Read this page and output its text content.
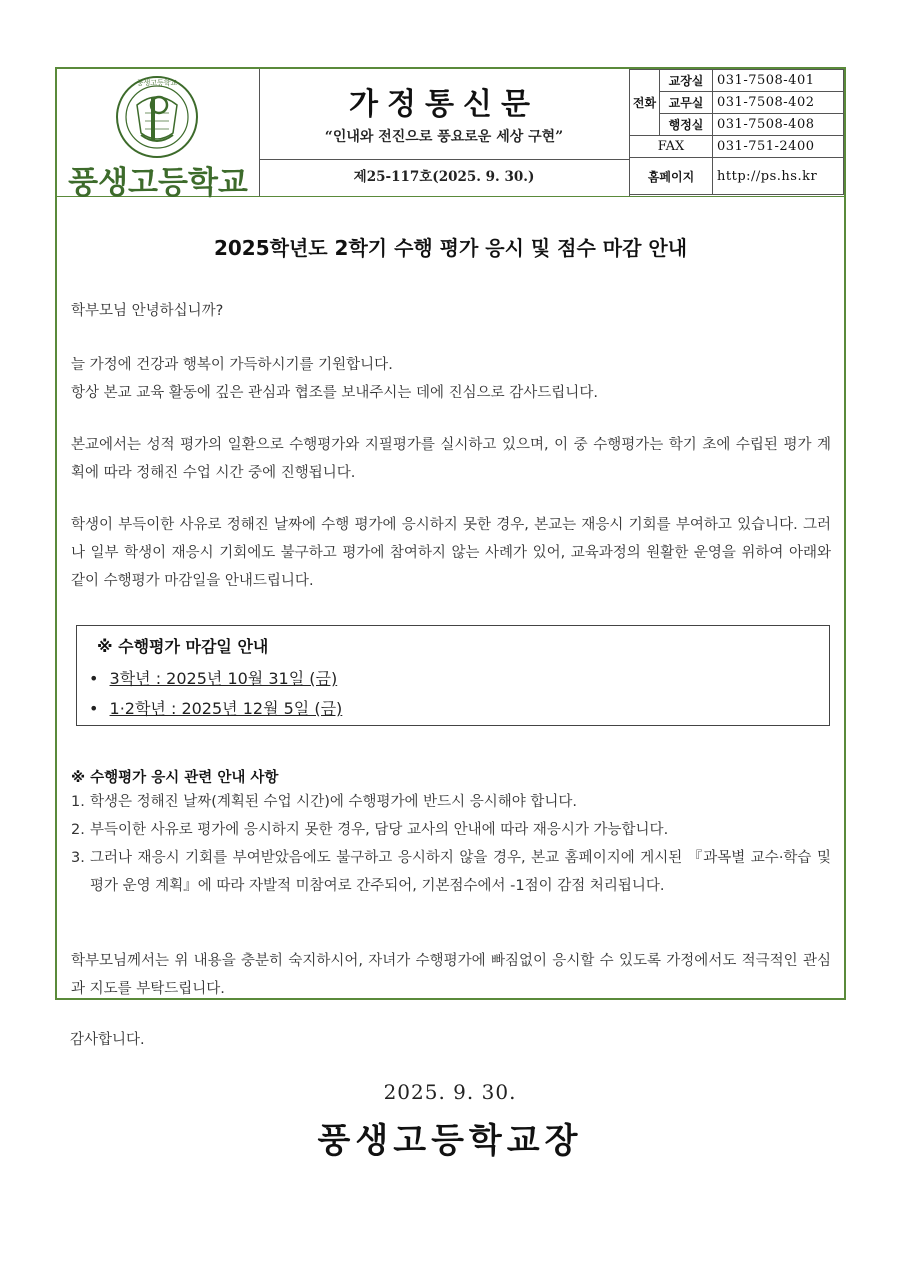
풍생고등학교
풍생고등학교
가정통신문
“인내와 전진으로 풍요로운 세상 구현”
제25-117호(2025. 9. 30.)
전화	교장실	031-7508-401
	교무실	031-7508-402
	행정실	031-7508-408
FAX		031-751-2400
홈페이지		http://ps.hs.kr
2025학년도 2학기 수행 평가 응시 및 점수 마감 안내
학부모님 안녕하십니까?
늘 가정에 건강과 행복이 가득하시기를 기원합니다.
항상 본교 교육 활동에 깊은 관심과 협조를 보내주시는 데에 진심으로 감사드립니다.
본교에서는 성적 평가의 일환으로 수행평가와 지필평가를 실시하고 있으며, 이 중 수행평가는 학기 초에 수립된 평가 계획에 따라 정해진 수업 시간 중에 진행됩니다.
학생이 부득이한 사유로 정해진 날짜에 수행 평가에 응시하지 못한 경우, 본교는 재응시 기회를 부여하고 있습니다. 그러나 일부 학생이 재응시 기회에도 불구하고 평가에 참여하지 않는 사례가 있어, 교육과정의 원활한 운영을 위하여 아래와 같이 수행평가 마감일을 안내드립니다.
※ 수행평가 마감일 안내
• 3학년 : 2025년 10월 31일 (금)
• 1·2학년 : 2025년 12월 5일 (금)
※ 수행평가 응시 관련 안내 사항
1. 학생은 정해진 날짜(계획된 수업 시간)에 수행평가에 반드시 응시해야 합니다.
2. 부득이한 사유로 평가에 응시하지 못한 경우, 담당 교사의 안내에 따라 재응시가 가능합니다.
3. 그러나 재응시 기회를 부여받았음에도 불구하고 응시하지 않을 경우, 본교 홈페이지에 게시된 『과목별 교수·학습 및 평가 운영 계획』에 따라 자발적 미참여로 간주되어, 기본점수에서 -1점이 감점 처리됩니다.
학부모님께서는 위 내용을 충분히 숙지하시어, 자녀가 수행평가에 빠짐없이 응시할 수 있도록 가정에서도 적극적인 관심과 지도를 부탁드립니다.
감사합니다.
2025. 9. 30.
풍생고등학교장
